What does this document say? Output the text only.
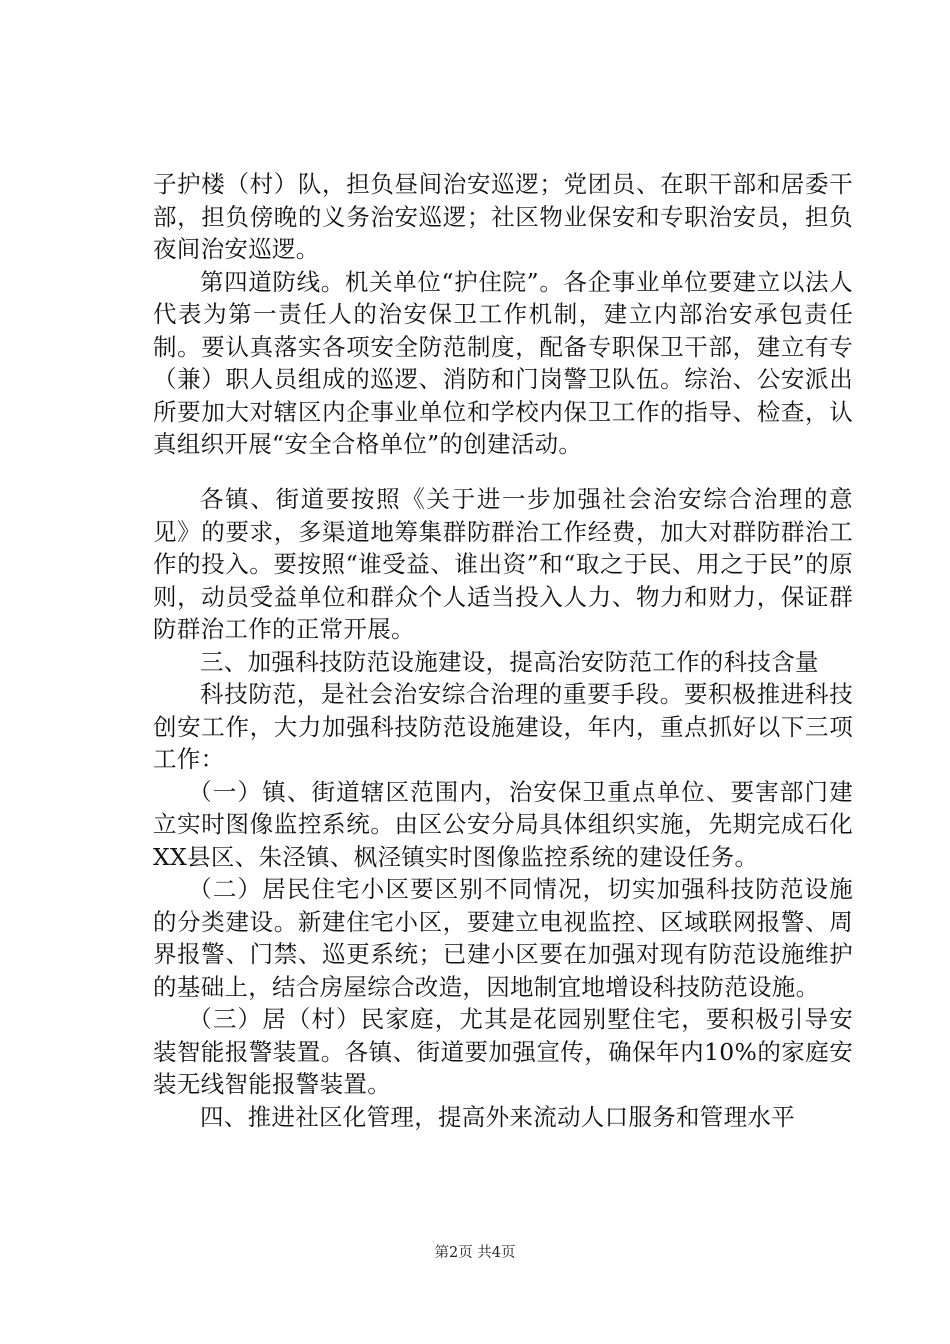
子护楼（村）队，担负昼间治安巡逻；党团员、在职干部和居委干部，担负傍晚的义务治安巡逻；社区物业保安和专职治安员，担负夜间治安巡逻。

第四道防线。机关单位“护住院”。各企事业单位要建立以法人代表为第一责任人的治安保卫工作机制，建立内部治安承包责任制。要认真落实各项安全防范制度，配备专职保卫干部，建立有专（兼）职人员组成的巡逻、消防和门岗警卫队伍。综治、公安派出所要加大对辖区内企事业单位和学校内保卫工作的指导、检查，认真组织开展“安全合格单位”的创建活动。

各镇、街道要按照《关于进一步加强社会治安综合治理的意见》的要求，多渠道地筹集群防群治工作经费，加大对群防群治工作的投入。要按照“谁受益、谁出资”和“取之于民、用之于民”的原则，动员受益单位和群众个人适当投入人力、物力和财力，保证群防群治工作的正常开展。

三、加强科技防范设施建设，提高治安防范工作的科技含量

科技防范，是社会治安综合治理的重要手段。要积极推进科技创安工作，大力加强科技防范设施建设，年内，重点抓好以下三项工作：

（一）镇、街道辖区范围内，治安保卫重点单位、要害部门建立实时图像监控系统。由区公安分局具体组织实施，先期完成石化XX县区、朱泾镇、枫泾镇实时图像监控系统的建设任务。

（二）居民住宅小区要区别不同情况，切实加强科技防范设施的分类建设。新建住宅小区，要建立电视监控、区域联网报警、周界报警、门禁、巡更系统；已建小区要在加强对现有防范设施维护的基础上，结合房屋综合改造，因地制宜地增设科技防范设施。

（三）居（村）民家庭，尤其是花园别墅住宅，要积极引导安装智能报警装置。各镇、街道要加强宣传，确保年内10%的家庭安装无线智能报警装置。

四、推进社区化管理，提高外来流动人口服务和管理水平

第2页 共4页
